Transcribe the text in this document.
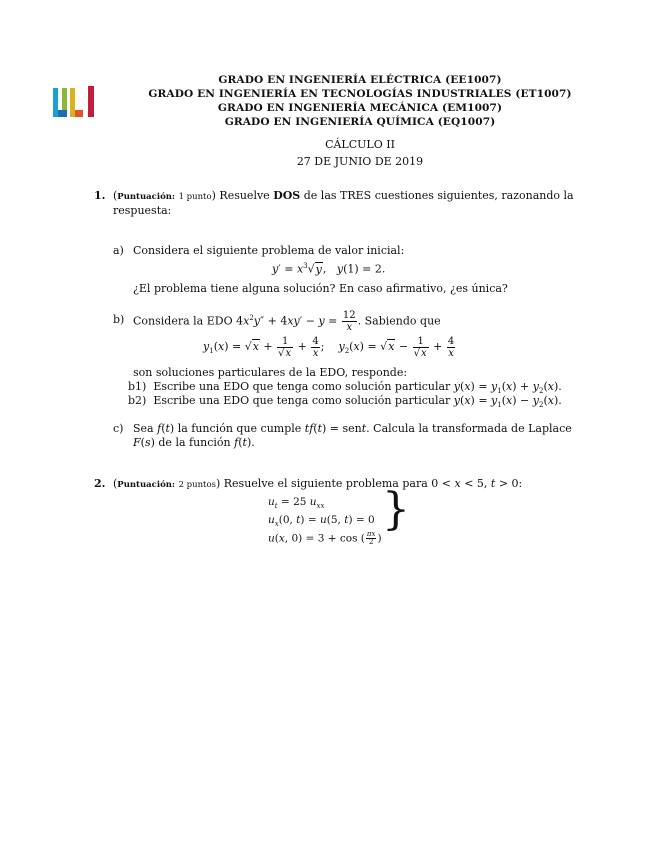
GRADO EN INGENIERÍA ELÉCTRICA (EE1007)
GRADO EN INGENIERÍA EN TECNOLOGÍAS INDUSTRIALES (ET1007)
GRADO EN INGENIERÍA MECÁNICA (EM1007)
GRADO EN INGENIERÍA QUÍMICA (EQ1007)
CÁLCULO II
27 DE JUNIO DE 2019
1. (Puntuación: 1 punto) Resuelve DOS de las TRES cuestiones siguientes, razonando la
respuesta:
a) Considera el siguiente problema de valor inicial:
$y' = x^3√y$,   y(1) = 2.
¿El problema tiene alguna solución? En caso afirmativo, ¿es única?
b) Considera la EDO $4x^2y'' + 4xy' - y = \frac{12}{x}$ . Sabiendo que
$y_1(x) = √x + \frac{1}{√x} + \frac{4}{x}$ ;    $y_2(x) = √x - \frac{1}{√x} + \frac{4}{x}$
son soluciones particulares de la EDO, responde:
b1) Escribe una EDO que tenga como solución particular $y(x) = y_1(x) + y_2(x)$.
b2) Escribe una EDO que tenga como solución particular $y(x) = y_1(x) - y_2(x)$.
c) Sea f(t) la función que cumple tf(t) = sent. Calcula la transformada de Laplace
F(s) de la función f(t).
2. (Puntuación: 2 puntos) Resuelve el siguiente problema para 0 < x < 5, t > 0:
$u_t = 25$ $u_{xx}$
$u_x(0$, t) = u(5, t) = 0
u(x, 0) = 3 + cos ( $\frac{\pi x}{2}$ )
}
